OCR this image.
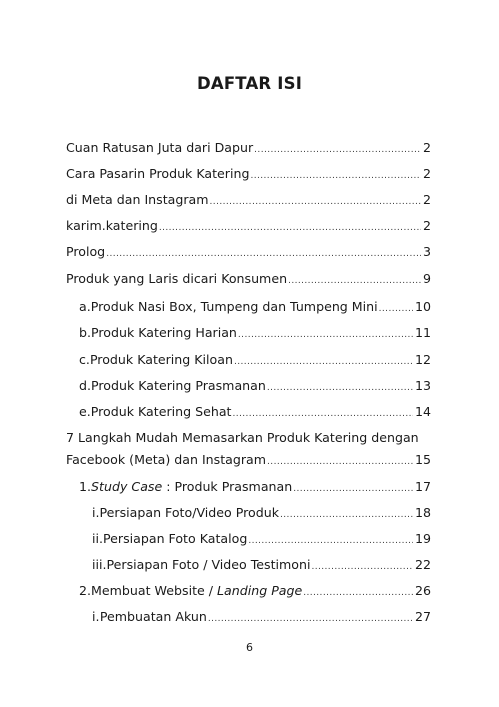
DAFTAR ISI
Cuan Ratusan Juta dari Dapur .....	2
Cara Pasarin Produk Katering .....	2
di Meta dan Instagram .....	2
karim.katering .....	2
Prolog .....	3
Produk yang Laris dicari Konsumen .....	9
a. Produk Nasi Box, Tumpeng dan Tumpeng Mini .....	10
b. Produk Katering Harian .....	11
c. Produk Katering Kiloan .....	12
d. Produk Katering Prasmanan .....	13
e. Produk Katering Sehat .....	14
7 Langkah Mudah Memasarkan Produk Katering dengan
Facebook (Meta) dan Instagram .....	15
1. Study Case : Produk Prasmanan .....	17
i. Persiapan Foto/Video Produk .....	18
ii. Persiapan Foto Katalog .....	19
iii. Persiapan Foto / Video Testimoni .....	22
2. Membuat Website / Landing Page .....	26
i. Pembuatan Akun .....	27
6
